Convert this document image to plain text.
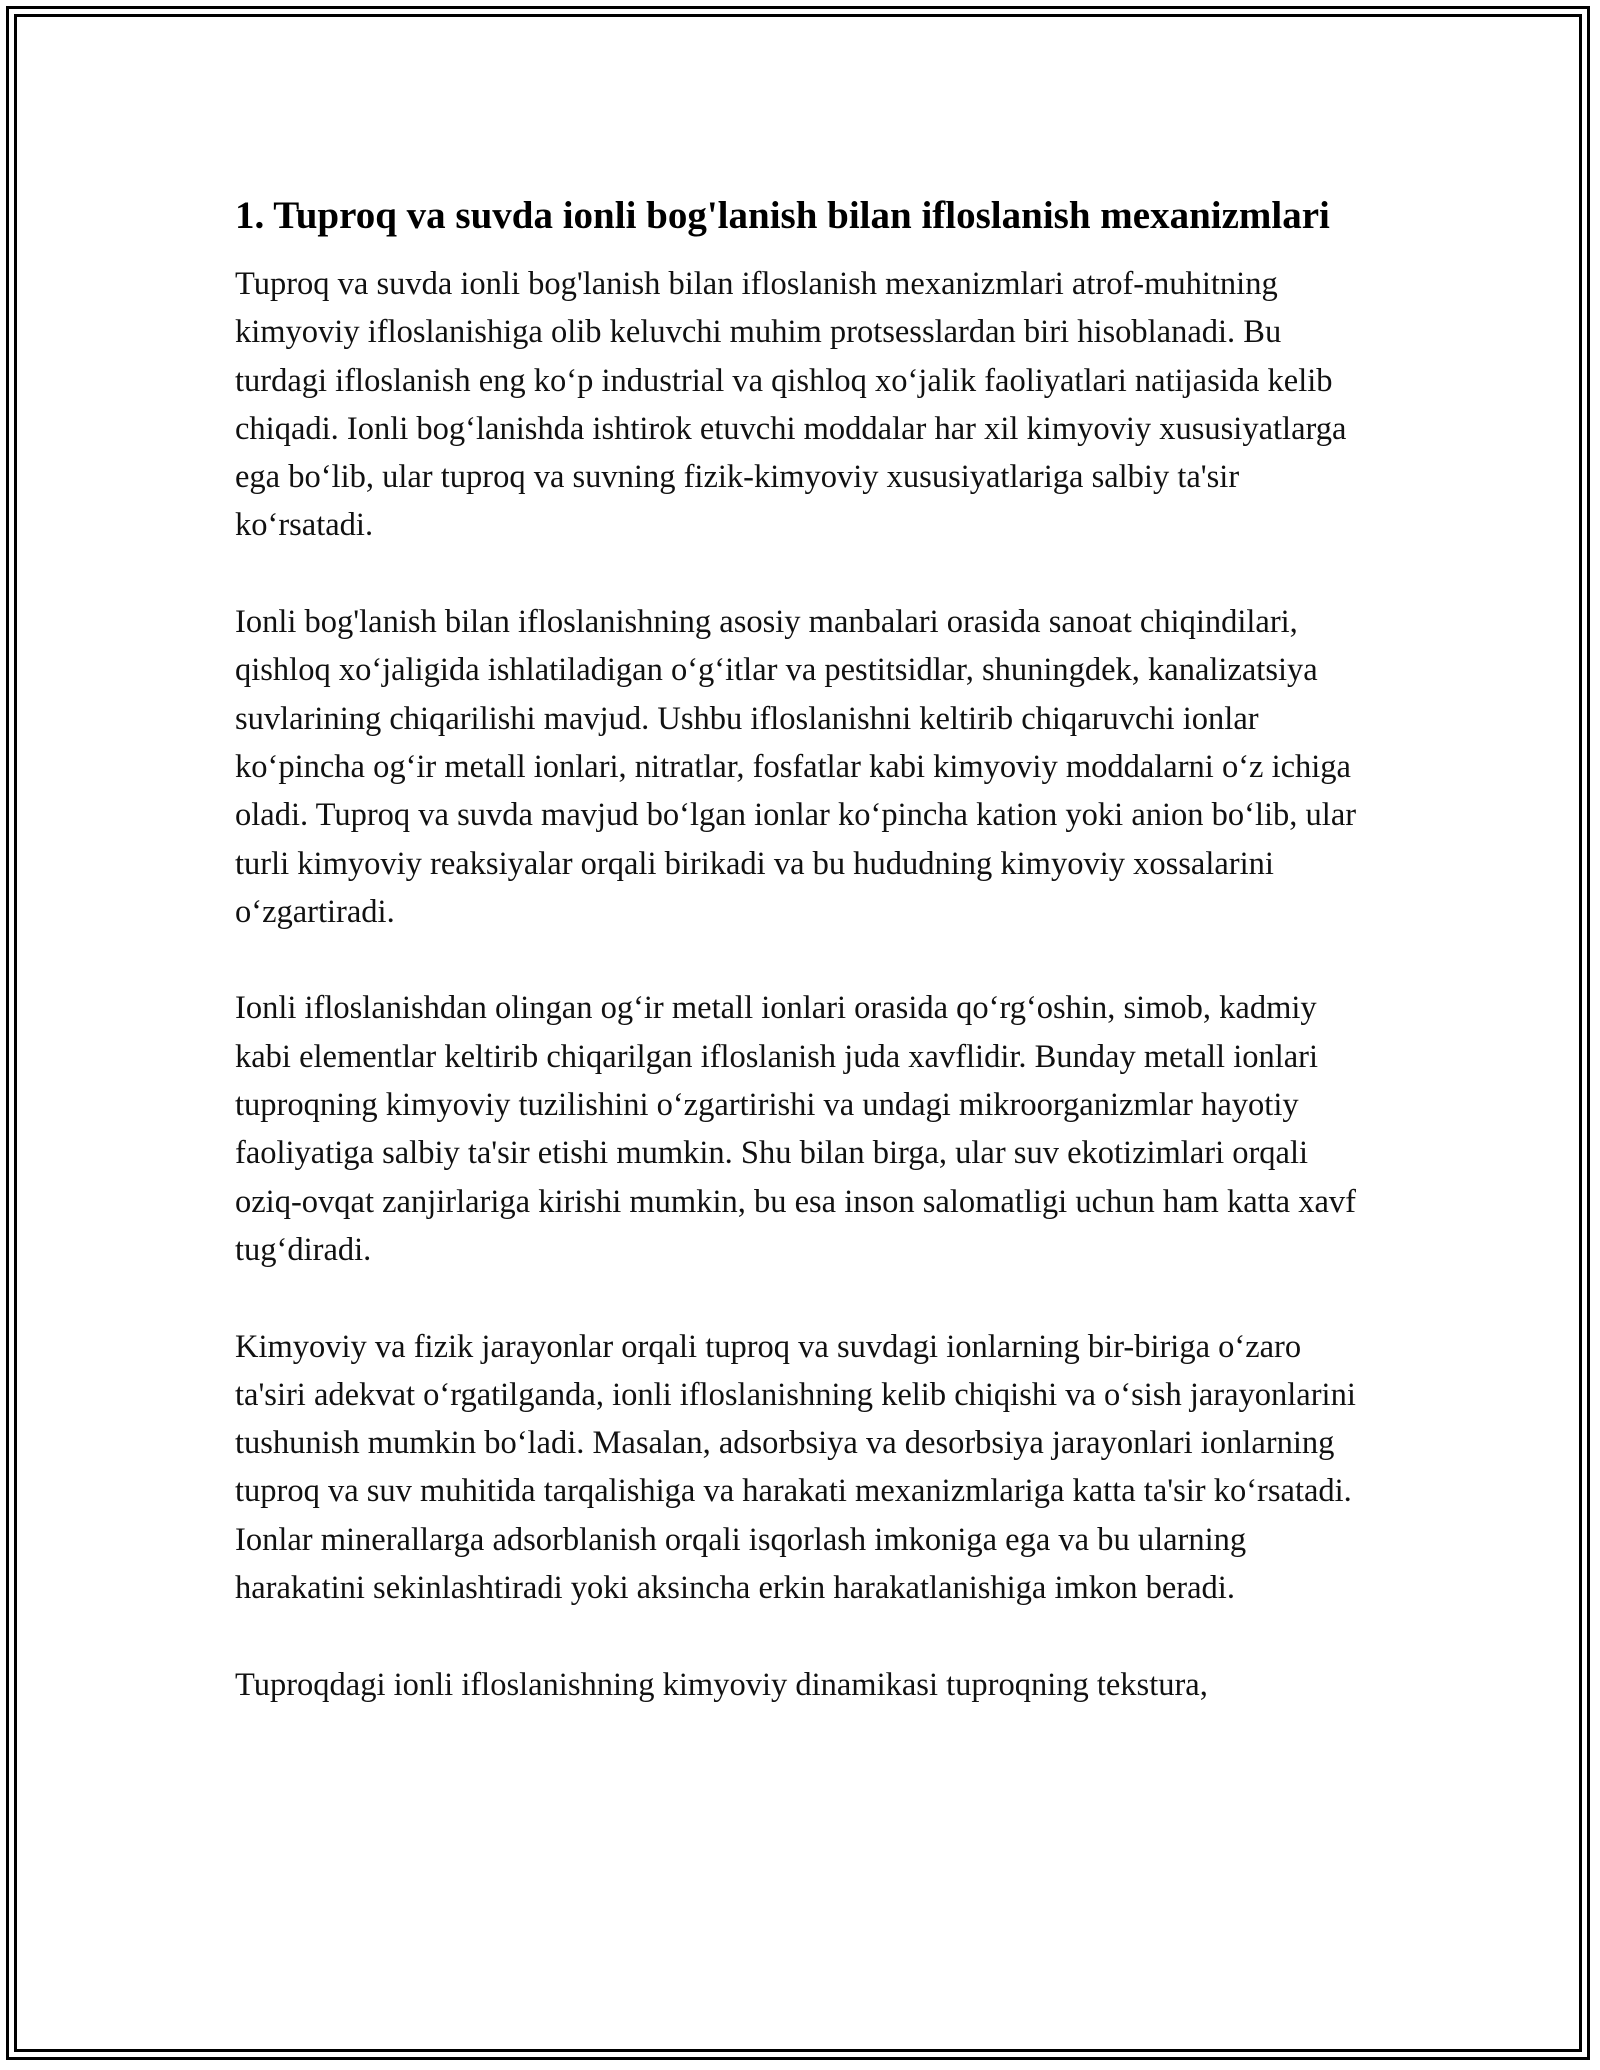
1. Tuproq va suvda ionli bog'lanish bilan ifloslanish mexanizmlari

Tuproq va suvda ionli bog'lanish bilan ifloslanish mexanizmlari atrof-muhitning kimyoviy ifloslanishiga olib keluvchi muhim protsesslardan biri hisoblanadi. Bu turdagi ifloslanish eng ko‘p industrial va qishloq xo‘jalik faoliyatlari natijasida kelib chiqadi. Ionli bog‘lanishda ishtirok etuvchi moddalar har xil kimyoviy xususiyatlarga ega bo‘lib, ular tuproq va suvning fizik-kimyoviy xususiyatlariga salbiy ta'sir ko‘rsatadi.

Ionli bog'lanish bilan ifloslanishning asosiy manbalari orasida sanoat chiqindilari, qishloq xo‘jaligida ishlatiladigan o‘g‘itlar va pestitsidlar, shuningdek, kanalizatsiya suvlarining chiqarilishi mavjud. Ushbu ifloslanishni keltirib chiqaruvchi ionlar ko‘pincha og‘ir metall ionlari, nitratlar, fosfatlar kabi kimyoviy moddalarni o‘z ichiga oladi. Tuproq va suvda mavjud bo‘lgan ionlar ko‘pincha kation yoki anion bo‘lib, ular turli kimyoviy reaksiyalar orqali birikadi va bu hududning kimyoviy xossalarini o‘zgartiradi.

Ionli ifloslanishdan olingan og‘ir metall ionlari orasida qo‘rg‘oshin, simob, kadmiy kabi elementlar keltirib chiqarilgan ifloslanish juda xavflidir. Bunday metall ionlari tuproqning kimyoviy tuzilishini o‘zgartirishi va undagi mikroorganizmlar hayotiy faoliyatiga salbiy ta'sir etishi mumkin. Shu bilan birga, ular suv ekotizimlari orqali oziq-ovqat zanjirlariga kirishi mumkin, bu esa inson salomatligi uchun ham katta xavf tug‘diradi.

Kimyoviy va fizik jarayonlar orqali tuproq va suvdagi ionlarning bir-biriga o‘zaro ta'siri adekvat o‘rgatilganda, ionli ifloslanishning kelib chiqishi va o‘sish jarayonlarini tushunish mumkin bo‘ladi. Masalan, adsorbsiya va desorbsiya jarayonlari ionlarning tuproq va suv muhitida tarqalishiga va harakati mexanizmlariga katta ta'sir ko‘rsatadi. Ionlar minerallarga adsorblanish orqali isqorlash imkoniga ega va bu ularning harakatini sekinlashtiradi yoki aksincha erkin harakatlanishiga imkon beradi.

Tuproqdagi ionli ifloslanishning kimyoviy dinamikasi tuproqning tekstura,
